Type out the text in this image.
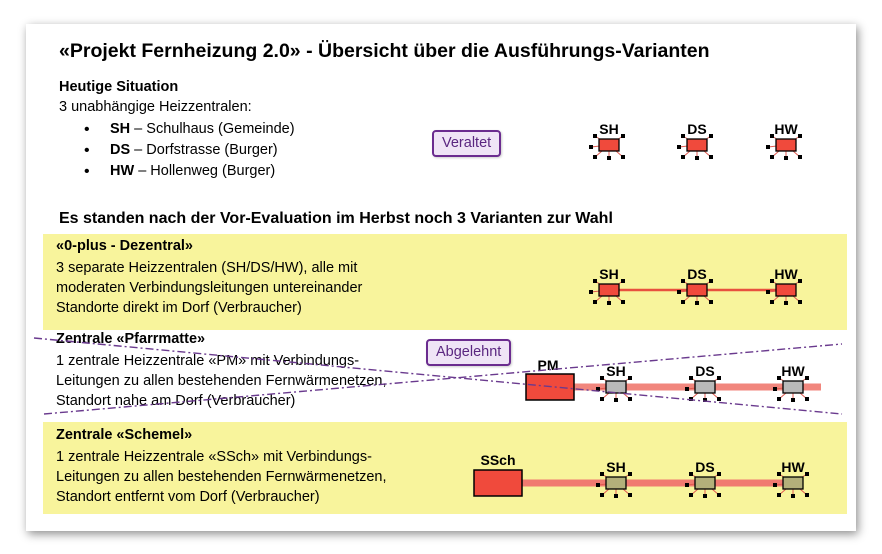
«Projekt Fernheizung 2.0» - Übersicht über die Ausführungs-Varianten
Heutige Situation
3 unabhängige Heizzentralen:
• SH – Schulhaus (Gemeinde)
• DS – Dorfstrasse (Burger)
• HW – Hollenweg (Burger)
Veraltet
Es standen nach der Vor-Evaluation im Herbst noch 3 Varianten zur Wahl
«0-plus - Dezentral»
3 separate Heizzentralen (SH/DS/HW), alle mit
moderaten Verbindungsleitungen untereinander
Standorte direkt im Dorf (Verbraucher)
Zentrale «Pfarrmatte»
1 zentrale Heizzentrale «PM» mit Verbindungs-
Leitungen zu allen bestehenden Fernwärmenetzen,
Standort nahe am Dorf (Verbraucher)
Abgelehnt
Zentrale «Schemel»
1 zentrale Heizzentrale «SSch» mit Verbindungs-
Leitungen zu allen bestehenden Fernwärmenetzen,
Standort entfernt vom Dorf (Verbraucher)
SH	DS	HW
SH	DS	HW
PM	SH	DS	HW
SSch	SH	DS	HW
